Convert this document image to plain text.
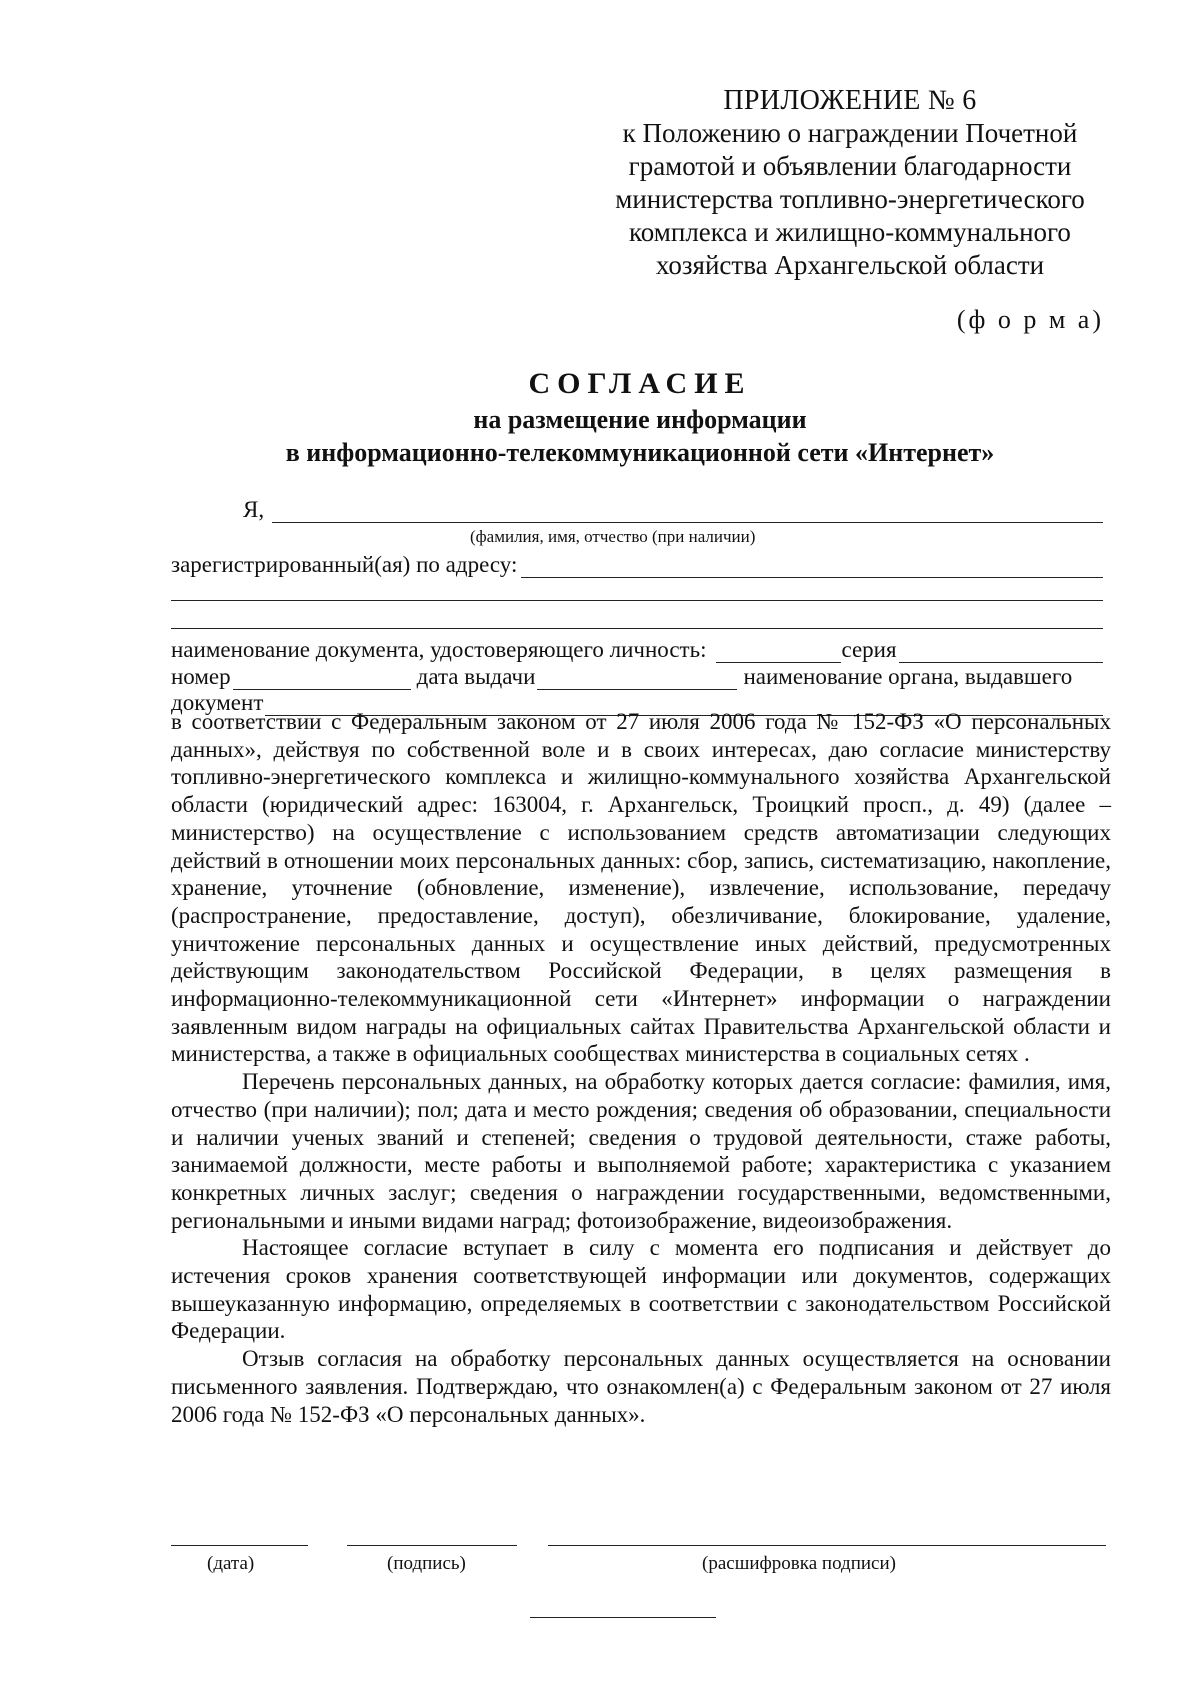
ПРИЛОЖЕНИЕ № 6
к Положению о награждении Почетной
грамотой и объявлении благодарности
министерства топливно-энергетического
комплекса и жилищно-коммунального
хозяйства Архангельской области
(ф о р м а)
СОГЛАСИЕ
на размещение информации
в информационно-телекоммуникационной сети «Интернет»
Я,
(фамилия, имя, отчество (при наличии)
зарегистрированный(ая) по адресу:
наименование документа, удостоверяющего личность:	серия
номер	дата выдачи	наименование органа, выдавшего
документ

в соответствии с Федеральным законом от 27 июля 2006 года № 152-ФЗ «О персональных данных», действуя по собственной воле и в своих интересах, даю согласие министерству топливно-энергетического комплекса и жилищно-коммунального хозяйства Архангельской области (юридический адрес: 163004, г. Архангельск, Троицкий просп., д. 49) (далее – министерство) на осуществление с использованием средств автоматизации следующих действий в отношении моих персональных данных: сбор, запись, систематизацию, накопление, хранение, уточнение (обновление, изменение), извлечение, использование, передачу (распространение, предоставление, доступ), обезличивание, блокирование, удаление, уничтожение персональных данных и осуществление иных действий, предусмотренных действующим законодательством Российской Федерации, в целях размещения в информационно-телекоммуникационной сети «Интернет» информации о награждении заявленным видом награды на официальных сайтах Правительства Архангельской области и министерства, а также в официальных сообществах министерства в социальных сетях .

Перечень персональных данных, на обработку которых дается согласие: фамилия, имя, отчество (при наличии); пол; дата и место рождения; сведения об образовании, специальности и наличии ученых званий и степеней; сведения о трудовой деятельности, стаже работы, занимаемой должности, месте работы и выполняемой работе; характеристика с указанием конкретных личных заслуг; сведения о награждении государственными, ведомственными, региональными и иными видами наград; фотоизображение, видеоизображения.

Настоящее согласие вступает в силу с момента его подписания и действует до истечения сроков хранения соответствующей информации или документов, содержащих вышеуказанную информацию, определяемых в соответствии с законодательством Российской Федерации.

Отзыв согласия на обработку персональных данных осуществляется на основании письменного заявления. Подтверждаю, что ознакомлен(а) с Федеральным законом от 27 июля 2006 года № 152-ФЗ «О персональных данных».

(дата)	(подпись)	(расшифровка подписи)
